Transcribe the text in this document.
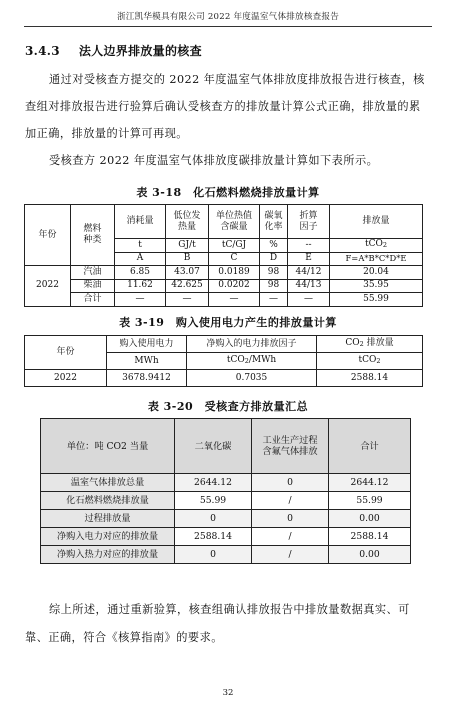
浙江凯华模具有限公司 2022 年度温室气体排放核查报告
3.4.3 法人边界排放量的核查
通过对受核查方提交的 2022 年度温室气体排放度排放报告进行核查，核查组对排放报告进行验算后确认受核查方的排放量计算公式正确，排放量的累加正确，排放量的计算可再现。
受核查方 2022 年度温室气体排放度碳排放量计算如下表所示。
表 3-18　化石燃料燃烧排放量计算
年份	燃料种类	消耗量	低位发热量	单位热值含碳量	碳氧化率	折算因子	排放量
		t	GJ/t	tC/GJ	%	--	tCO2
		A	B	C	D	E	F=A*B*C*D*E
2022	汽油	6.85	43.07	0.0189	98	44/12	20.04
	柴油	11.62	42.625	0.0202	98	44/13	35.95
	合计	—	—	—	—	—	55.99
表 3-19　购入使用电力产生的排放量计算
年份	购入使用电力	净购入的电力排放因子	CO2 排放量
	MWh	tCO2/MWh	tCO2
2022	3678.9412	0.7035	2588.14
表 3-20　受核查方排放量汇总
单位：吨 CO2 当量	二氧化碳	工业生产过程含氟气体排放	合计
温室气体排放总量	2644.12	0	2644.12
化石燃料燃烧排放量	55.99	/	55.99
过程排放量	0	0	0.00
净购入电力对应的排放量	2588.14	/	2588.14
净购入热力对应的排放量	0	/	0.00
综上所述，通过重新验算，核查组确认排放报告中排放量数据真实、可靠、正确，符合《核算指南》的要求。
32
